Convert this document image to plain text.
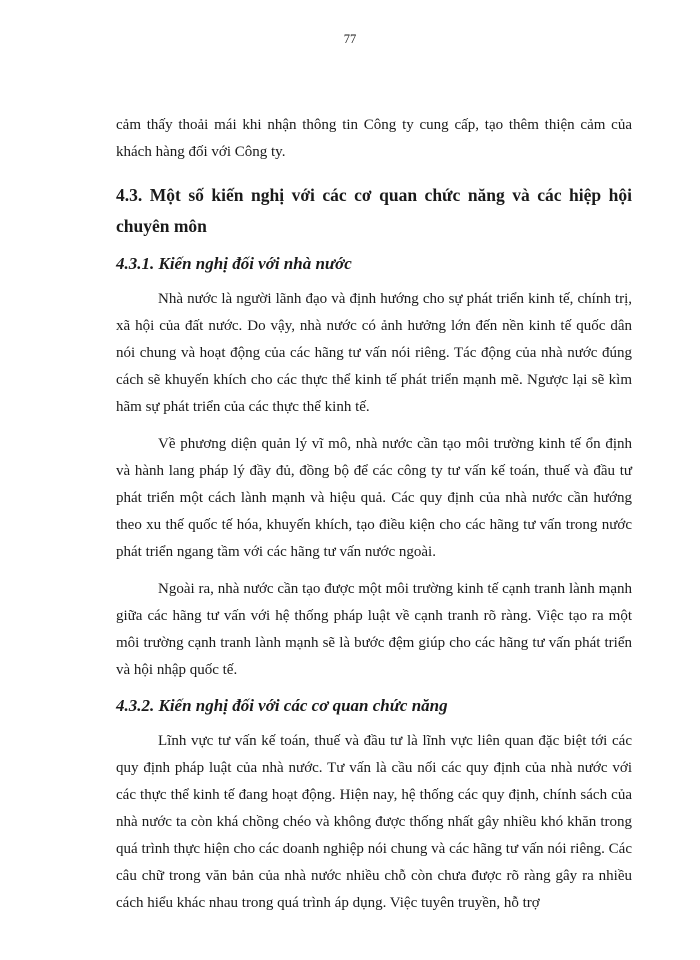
77

cảm thấy thoải mái khi nhận thông tin Công ty cung cấp, tạo thêm thiện cảm của khách hàng đối với Công ty.

4.3. Một số kiến nghị với các cơ quan chức năng và các hiệp hội chuyên môn
4.3.1. Kiến nghị đối với nhà nước

Nhà nước là người lãnh đạo và định hướng cho sự phát triển kinh tế, chính trị, xã hội của đất nước. Do vậy, nhà nước có ảnh hưởng lớn đến nền kinh tế quốc dân nói chung và hoạt động của các hãng tư vấn nói riêng. Tác động của nhà nước đúng cách sẽ khuyến khích cho các thực thể kinh tế phát triển mạnh mẽ. Ngược lại sẽ kìm hãm sự phát triển của các thực thể kinh tế.

Về phương diện quản lý vĩ mô, nhà nước cần tạo môi trường kinh tế ổn định và hành lang pháp lý đầy đủ, đồng bộ để các công ty tư vấn kế toán, thuế và đầu tư phát triển một cách lành mạnh và hiệu quả. Các quy định của nhà nước cần hướng theo xu thế quốc tế hóa, khuyến khích, tạo điều kiện cho các hãng tư vấn trong nước phát triển ngang tầm với các hãng tư vấn nước ngoài.

Ngoài ra, nhà nước cần tạo được một môi trường kinh tế cạnh tranh lành mạnh giữa các hãng tư vấn với hệ thống pháp luật về cạnh tranh rõ ràng. Việc tạo ra một môi trường cạnh tranh lành mạnh sẽ là bước đệm giúp cho các hãng tư vấn phát triển và hội nhập quốc tế.

4.3.2. Kiến nghị đối với các cơ quan chức năng

Lĩnh vực tư vấn kế toán, thuế và đầu tư là lĩnh vực liên quan đặc biệt tới các quy định pháp luật của nhà nước. Tư vấn là cầu nối các quy định của nhà nước với các thực thể kinh tế đang hoạt động. Hiện nay, hệ thống các quy định, chính sách của nhà nước ta còn khá chồng chéo và không được thống nhất gây nhiều khó khăn trong quá trình thực hiện cho các doanh nghiệp nói chung và các hãng tư vấn nói riêng. Các câu chữ trong văn bản của nhà nước nhiều chỗ còn chưa được rõ ràng gây ra nhiều cách hiểu khác nhau trong quá trình áp dụng. Việc tuyên truyền, hỗ trợ
